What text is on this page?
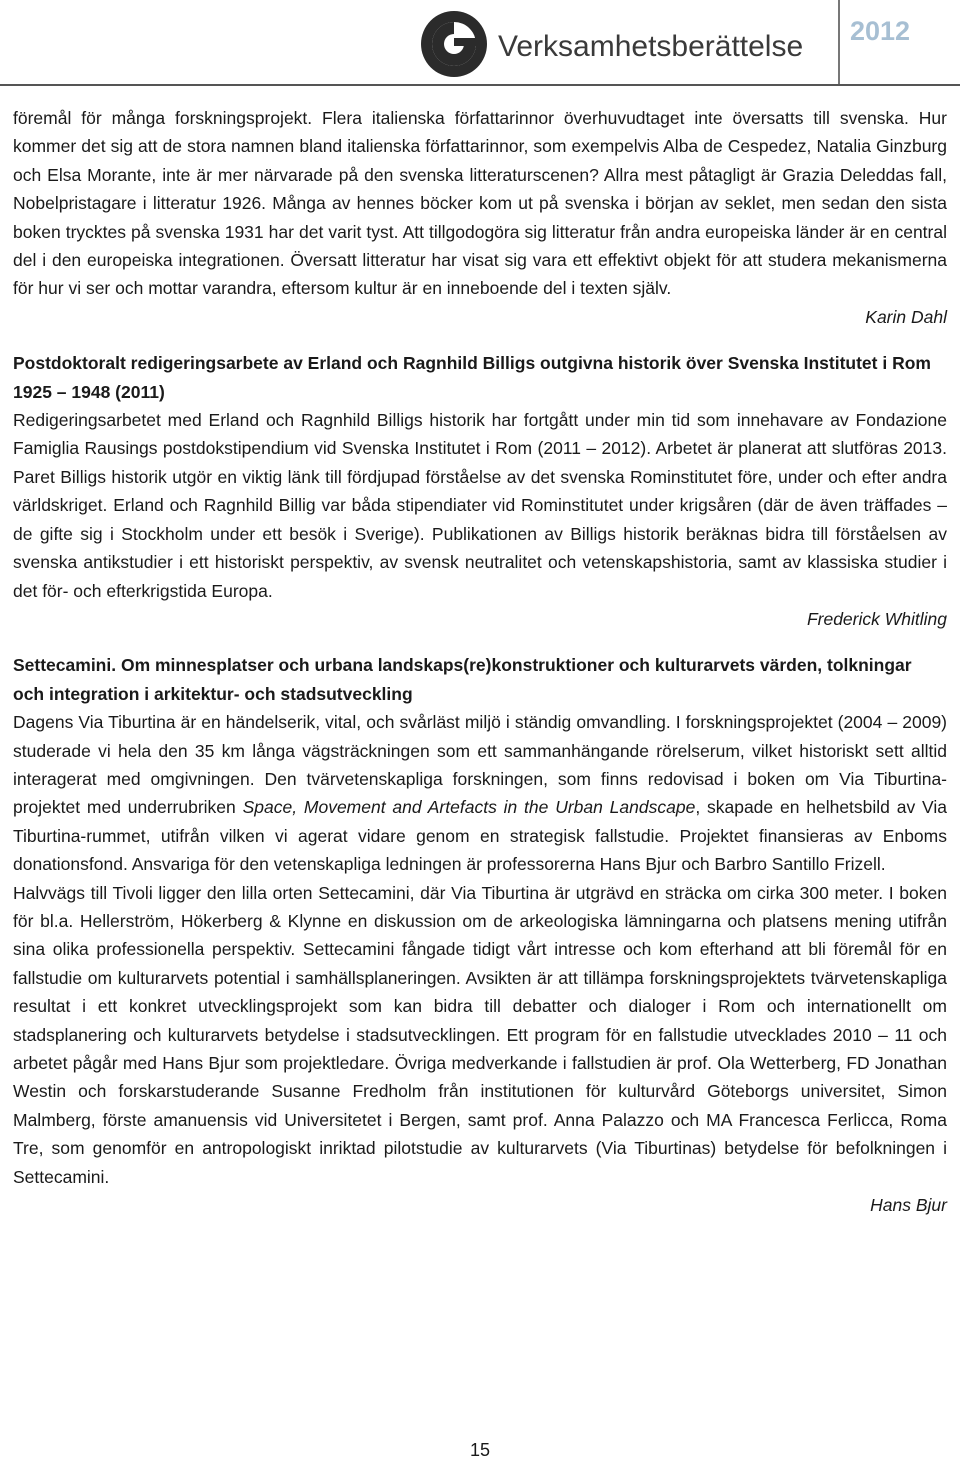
Verksamhetsberättelse 2012

föremål för många forskningsprojekt. Flera italienska författarinnor överhuvudtaget inte översatts till svenska. Hur kommer det sig att de stora namnen bland italienska författarinnor, som exempelvis Alba de Cespedez, Natalia Ginzburg och Elsa Morante, inte är mer närvarade på den svenska litteraturscenen? Allra mest påtagligt är Grazia Deleddas fall, Nobelpristagare i litteratur 1926. Många av hennes böcker kom ut på svenska i början av seklet, men sedan den sista boken trycktes på svenska 1931 har det varit tyst. Att tillgodogöra sig litteratur från andra europeiska länder är en central del i den europeiska integrationen. Översatt litteratur har visat sig vara ett effektivt objekt för att studera mekanismerna för hur vi ser och mottar varandra, eftersom kultur är en inneboende del i texten själv.

Karin Dahl

Postdoktoralt redigeringsarbete av Erland och Ragnhild Billigs outgivna historik över Svenska Institutet i Rom 1925 – 1948 (2011)

Redigeringsarbetet med Erland och Ragnhild Billigs historik har fortgått under min tid som innehavare av Fondazione Famiglia Rausings postdokstipendium vid Svenska Institutet i Rom (2011 – 2012). Arbetet är planerat att slutföras 2013. Paret Billigs historik utgör en viktig länk till fördjupad förståelse av det svenska Rominstitutet före, under och efter andra världskriget. Erland och Ragnhild Billig var båda stipendiater vid Rominstitutet under krigsåren (där de även träffades – de gifte sig i Stockholm under ett besök i Sverige). Publikationen av Billigs historik beräknas bidra till förståelsen av svenska antikstudier i ett historiskt perspektiv, av svensk neutralitet och vetenskapshistoria, samt av klassiska studier i det för- och efterkrigstida Europa.

Frederick Whitling

Settecamini. Om minnesplatser och urbana landskaps(re)konstruktioner och kulturarvets värden, tolkningar och integration i arkitektur- och stadsutveckling

Dagens Via Tiburtina är en händelserik, vital, och svårläst miljö i ständig omvandling. I forskningsprojektet (2004 – 2009) studerade vi hela den 35 km långa vägsträckningen som ett sammanhängande rörelserum, vilket historiskt sett alltid interagerat med omgivningen. Den tvärvetenskapliga forskningen, som finns redovisad i boken om Via Tiburtina-projektet med underrubriken Space, Movement and Artefacts in the Urban Landscape, skapade en helhetsbild av Via Tiburtina-rummet, utifrån vilken vi agerat vidare genom en strategisk fallstudie. Projektet finansieras av Enboms donationsfond. Ansvariga för den vetenskapliga ledningen är professorerna Hans Bjur och Barbro Santillo Frizell.

Halvvägs till Tivoli ligger den lilla orten Settecamini, där Via Tiburtina är utgrävd en sträcka om cirka 300 meter. I boken för bl.a. Hellerström, Hökerberg & Klynne en diskussion om de arkeologiska lämningarna och platsens mening utifrån sina olika professionella perspektiv. Settecamini fångade tidigt vårt intresse och kom efterhand att bli föremål för en fallstudie om kulturarvets potential i samhällsplaneringen. Avsikten är att tillämpa forskningsprojektets tvärvetenskapliga resultat i ett konkret utvecklingsprojekt som kan bidra till debatter och dialoger i Rom och internationellt om stadsplanering och kulturarvets betydelse i stadsutvecklingen. Ett program för en fallstudie utvecklades 2010 – 11 och arbetet pågår med Hans Bjur som projektledare. Övriga medverkande i fallstudien är prof. Ola Wetterberg, FD Jonathan Westin och forskarstuderande Susanne Fredholm från institutionen för kulturvård Göteborgs universitet, Simon Malmberg, förste amanuensis vid Universitetet i Bergen, samt prof. Anna Palazzo och MA Francesca Ferlicca, Roma Tre, som genomför en antropologiskt inriktad pilotstudie av kulturarvets (Via Tiburtinas) betydelse för befolkningen i Settecamini.

Hans Bjur

15
